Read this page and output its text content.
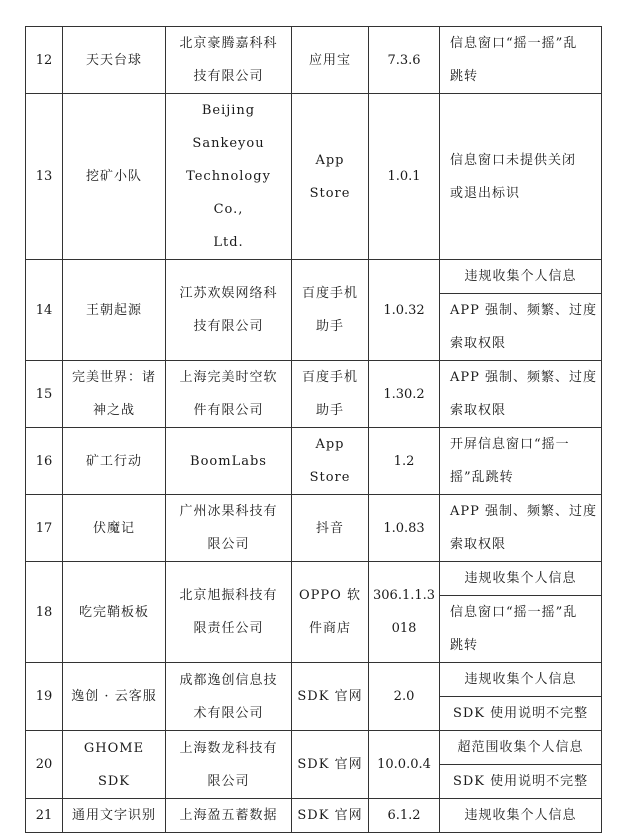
12	天天台球	北京豪腾嘉科科
技有限公司	应用宝	7.3.6	信息窗口“摇一摇”乱
跳转

13	挖矿小队	Beijing Sankeyou
Technology Co.,
Ltd.	App Store	1.0.1	信息窗口未提供关闭
或退出标识

14	王朝起源	江苏欢娱网络科
技有限公司	百度手机
助手	1.0.32	违规收集个人信息

					APP 强制、频繁、过度
索取权限

15	完美世界：诸
神之战	上海完美时空软
件有限公司	百度手机
助手	1.30.2	APP 强制、频繁、过度
索取权限

16	矿工行动	BoomLabs	App Store	1.2	开屏信息窗口“摇一
摇”乱跳转

17	伏魔记	广州冰果科技有
限公司	抖音	1.0.83	APP 强制、频繁、过度
索取权限

18	吃完鞘板板	北京旭振科技有
限责任公司	OPPO 软
件商店	306.1.1.3
018	违规收集个人信息

					信息窗口“摇一摇”乱
跳转

19	逸创 · 云客服	成都逸创信息技
术有限公司	SDK 官网	2.0	违规收集个人信息

					SDK 使用说明不完整

20	GHOME SDK	上海数龙科技有
限公司	SDK 官网	10.0.0.4	超范围收集个人信息

					SDK 使用说明不完整

21	通用文字识别	上海盈五蓄数据	SDK 官网	6.1.2	违规收集个人信息
